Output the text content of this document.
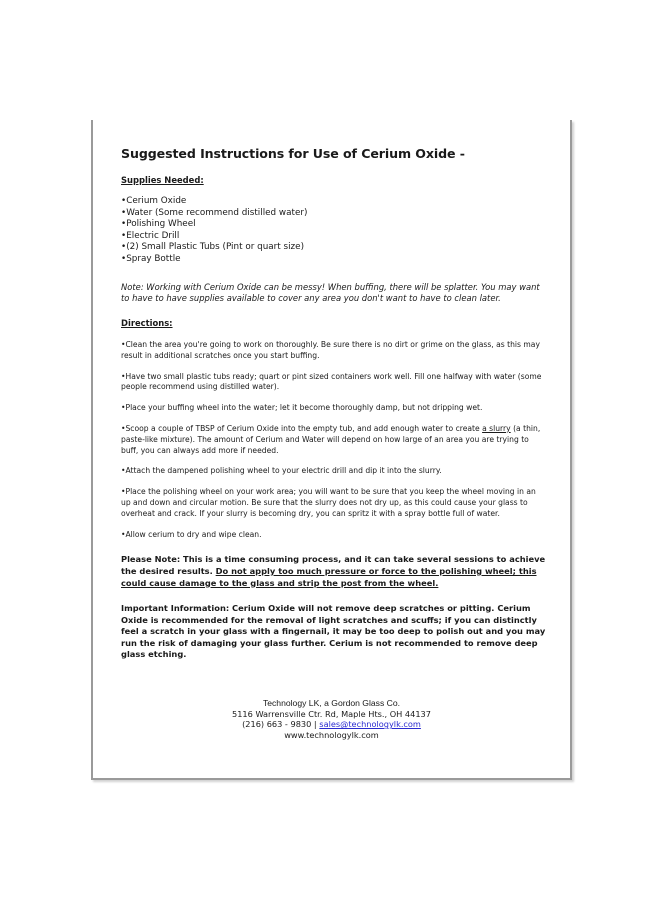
Suggested Instructions for Use of Cerium Oxide -

Supplies Needed:

• Cerium Oxide
• Water (Some recommend distilled water)
• Polishing Wheel
• Electric Drill
• (2) Small Plastic Tubs (Pint or quart size)
• Spray Bottle

Note: Working with Cerium Oxide can be messy! When buffing, there will be splatter. You may want to have to have supplies available to cover any area you don't want to have to clean later.

Directions:

• Clean the area you're going to work on thoroughly. Be sure there is no dirt or grime on the glass, as this may result in additional scratches once you start buffing.

• Have two small plastic tubs ready; quart or pint sized containers work well. Fill one halfway with water (some people recommend using distilled water).

• Place your buffing wheel into the water; let it become thoroughly damp, but not dripping wet.

• Scoop a couple of TBSP of Cerium Oxide into the empty tub, and add enough water to create a slurry (a thin, paste-like mixture). The amount of Cerium and Water will depend on how large of an area you are trying to buff, you can always add more if needed.

• Attach the dampened polishing wheel to your electric drill and dip it into the slurry.

• Place the polishing wheel on your work area; you will want to be sure that you keep the wheel moving in an up and down and circular motion. Be sure that the slurry does not dry up, as this could cause your glass to overheat and crack. If your slurry is becoming dry, you can spritz it with a spray bottle full of water.

• Allow cerium to dry and wipe clean.

Please Note: This is a time consuming process, and it can take several sessions to achieve the desired results. Do not apply too much pressure or force to the polishing wheel; this could cause damage to the glass and strip the post from the wheel.

Important Information: Cerium Oxide will not remove deep scratches or pitting. Cerium Oxide is recommended for the removal of light scratches and scuffs; if you can distinctly feel a scratch in your glass with a fingernail, it may be too deep to polish out and you may run the risk of damaging your glass further. Cerium is not recommended to remove deep glass etching.

Technology LK, a Gordon Glass Co.
5116 Warrensville Ctr. Rd, Maple Hts., OH 44137
(216) 663 - 9830 | sales@technologylk.com
www.technologylk.com
